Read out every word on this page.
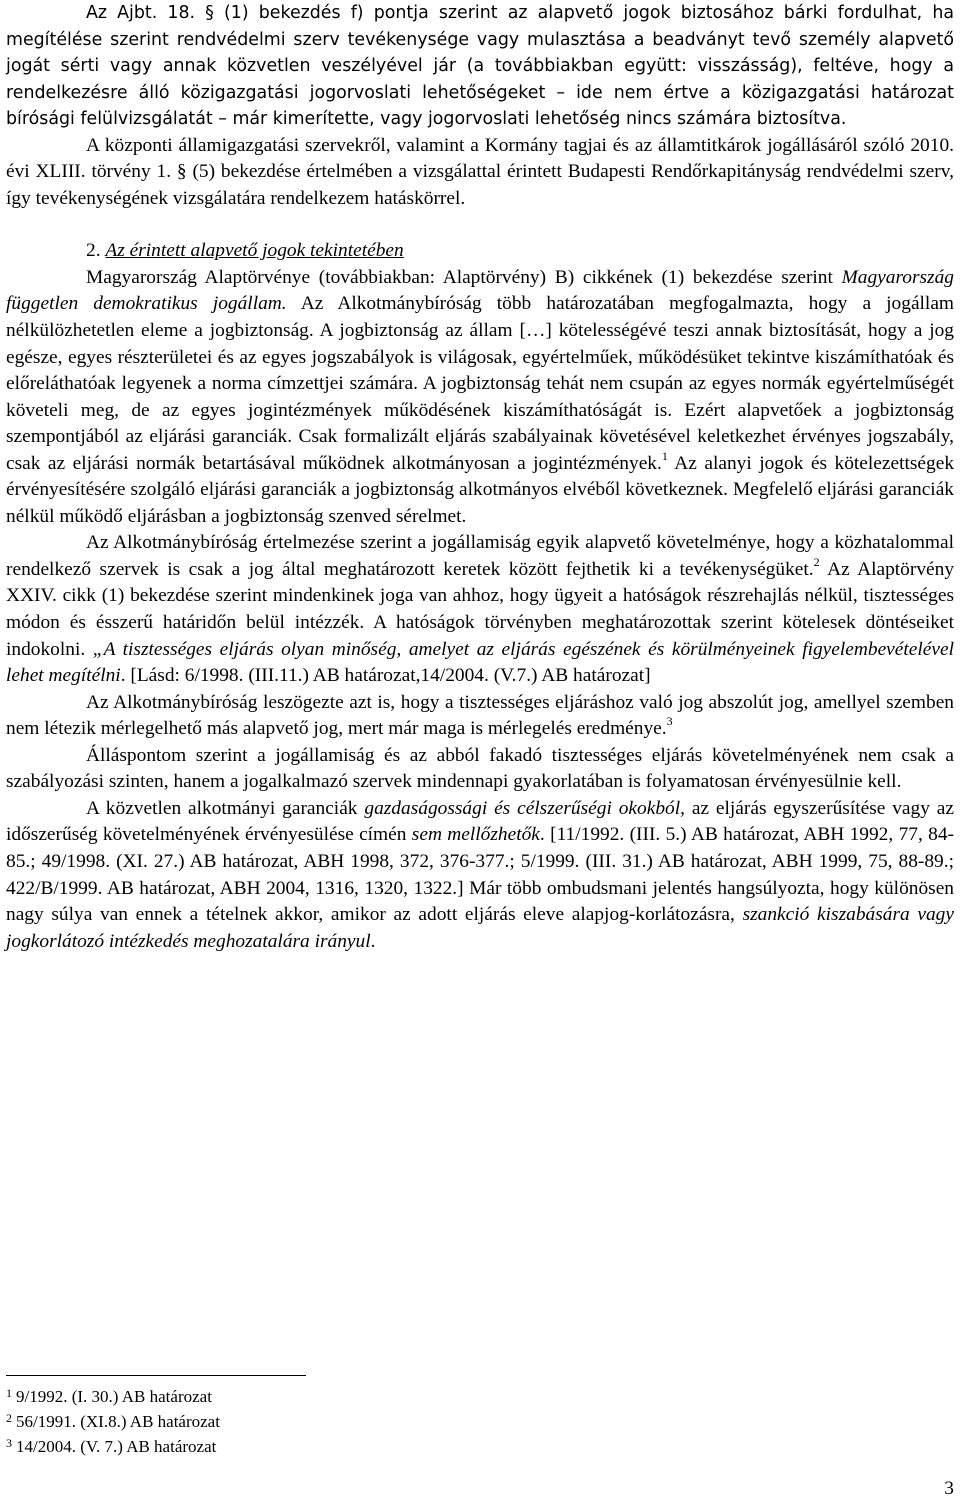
Az Ajbt. 18. § (1) bekezdés f) pontja szerint az alapvető jogok biztosához bárki fordulhat, ha megítélése szerint rendvédelmi szerv tevékenysége vagy mulasztása a beadványt tevő személy alapvető jogát sérti vagy annak közvetlen veszélyével jár (a továbbiakban együtt: visszásság), feltéve, hogy a rendelkezésre álló közigazgatási jogorvoslati lehetőségeket – ide nem értve a közigazgatási határozat bírósági felülvizsgálatát – már kimerítette, vagy jogorvoslati lehetőség nincs számára biztosítva.

A központi államigazgatási szervekről, valamint a Kormány tagjai és az államtitkárok jogállásáról szóló 2010. évi XLIII. törvény 1. § (5) bekezdése értelmében a vizsgálattal érintett Budapesti Rendőrkapitányság rendvédelmi szerv, így tevékenységének vizsgálatára rendelkezem hatáskörrel.

2. Az érintett alapvető jogok tekintetében

Magyarország Alaptörvénye (továbbiakban: Alaptörvény) B) cikkének (1) bekezdése szerint Magyarország független demokratikus jogállam. Az Alkotmánybíróság több határozatában megfogalmazta, hogy a jogállam nélkülözhetetlen eleme a jogbiztonság. A jogbiztonság az állam […] kötelességévé teszi annak biztosítását, hogy a jog egésze, egyes részterületei és az egyes jogszabályok is világosak, egyértelműek, működésüket tekintve kiszámíthatóak és előreláthatóak legyenek a norma címzettjei számára. A jogbiztonság tehát nem csupán az egyes normák egyértelműségét követeli meg, de az egyes jogintézmények működésének kiszámíthatóságát is. Ezért alapvetőek a jogbiztonság szempontjából az eljárási garanciák. Csak formalizált eljárás szabályainak követésével keletkezhet érvényes jogszabály, csak az eljárási normák betartásával működnek alkotmányosan a jogintézmények.$^1$ Az alanyi jogok és kötelezettségek érvényesítésére szolgáló eljárási garanciák a jogbiztonság alkotmányos elvéből következnek. Megfelelő eljárási garanciák nélkül működő eljárásban a jogbiztonság szenved sérelmet.

Az Alkotmánybíróság értelmezése szerint a jogállamiság egyik alapvető követelménye, hogy a közhatalommal rendelkező szervek is csak a jog által meghatározott keretek között fejthetik ki a tevékenységüket.$^2$ Az Alaptörvény XXIV. cikk (1) bekezdése szerint mindenkinek joga van ahhoz, hogy ügyeit a hatóságok részrehajlás nélkül, tisztességes módon és ésszerű határidőn belül intézzék. A hatóságok törvényben meghatározottak szerint kötelesek döntéseiket indokolni. „A tisztességes eljárás olyan minőség, amelyet az eljárás egészének és körülményeinek figyelembevételével lehet megítélni. [Lásd: 6/1998. (III.11.) AB határozat,14/2004. (V.7.) AB határozat]

Az Alkotmánybíróság leszögezte azt is, hogy a tisztességes eljáráshoz való jog abszolút jog, amellyel szemben nem létezik mérlegelhető más alapvető jog, mert már maga is mérlegelés eredménye.$^3$

Álláspontom szerint a jogállamiság és az abból fakadó tisztességes eljárás követelményének nem csak a szabályozási szinten, hanem a jogalkalmazó szervek mindennapi gyakorlatában is folyamatosan érvényesülnie kell.

A közvetlen alkotmányi garanciák gazdaságossági és célszerűségi okokból, az eljárás egyszerűsítése vagy az időszerűség követelményének érvényesülése címén sem mellőzhetők. [11/1992. (III. 5.) AB határozat, ABH 1992, 77, 84-85.; 49/1998. (XI. 27.) AB határozat, ABH 1998, 372, 376-377.; 5/1999. (III. 31.) AB határozat, ABH 1999, 75, 88-89.; 422/B/1999. AB határozat, ABH 2004, 1316, 1320, 1322.] Már több ombudsmani jelentés hangsúlyozta, hogy különösen nagy súlya van ennek a tételnek akkor, amikor az adott eljárás eleve alapjog-korlátozásra, szankció kiszabására vagy jogkorlátozó intézkedés meghozatalára irányul.

$^1$ 9/1992. (I. 30.) AB határozat
$^2$ 56/1991. (XI.8.) AB határozat
$^3$ 14/2004. (V. 7.) AB határozat
3
